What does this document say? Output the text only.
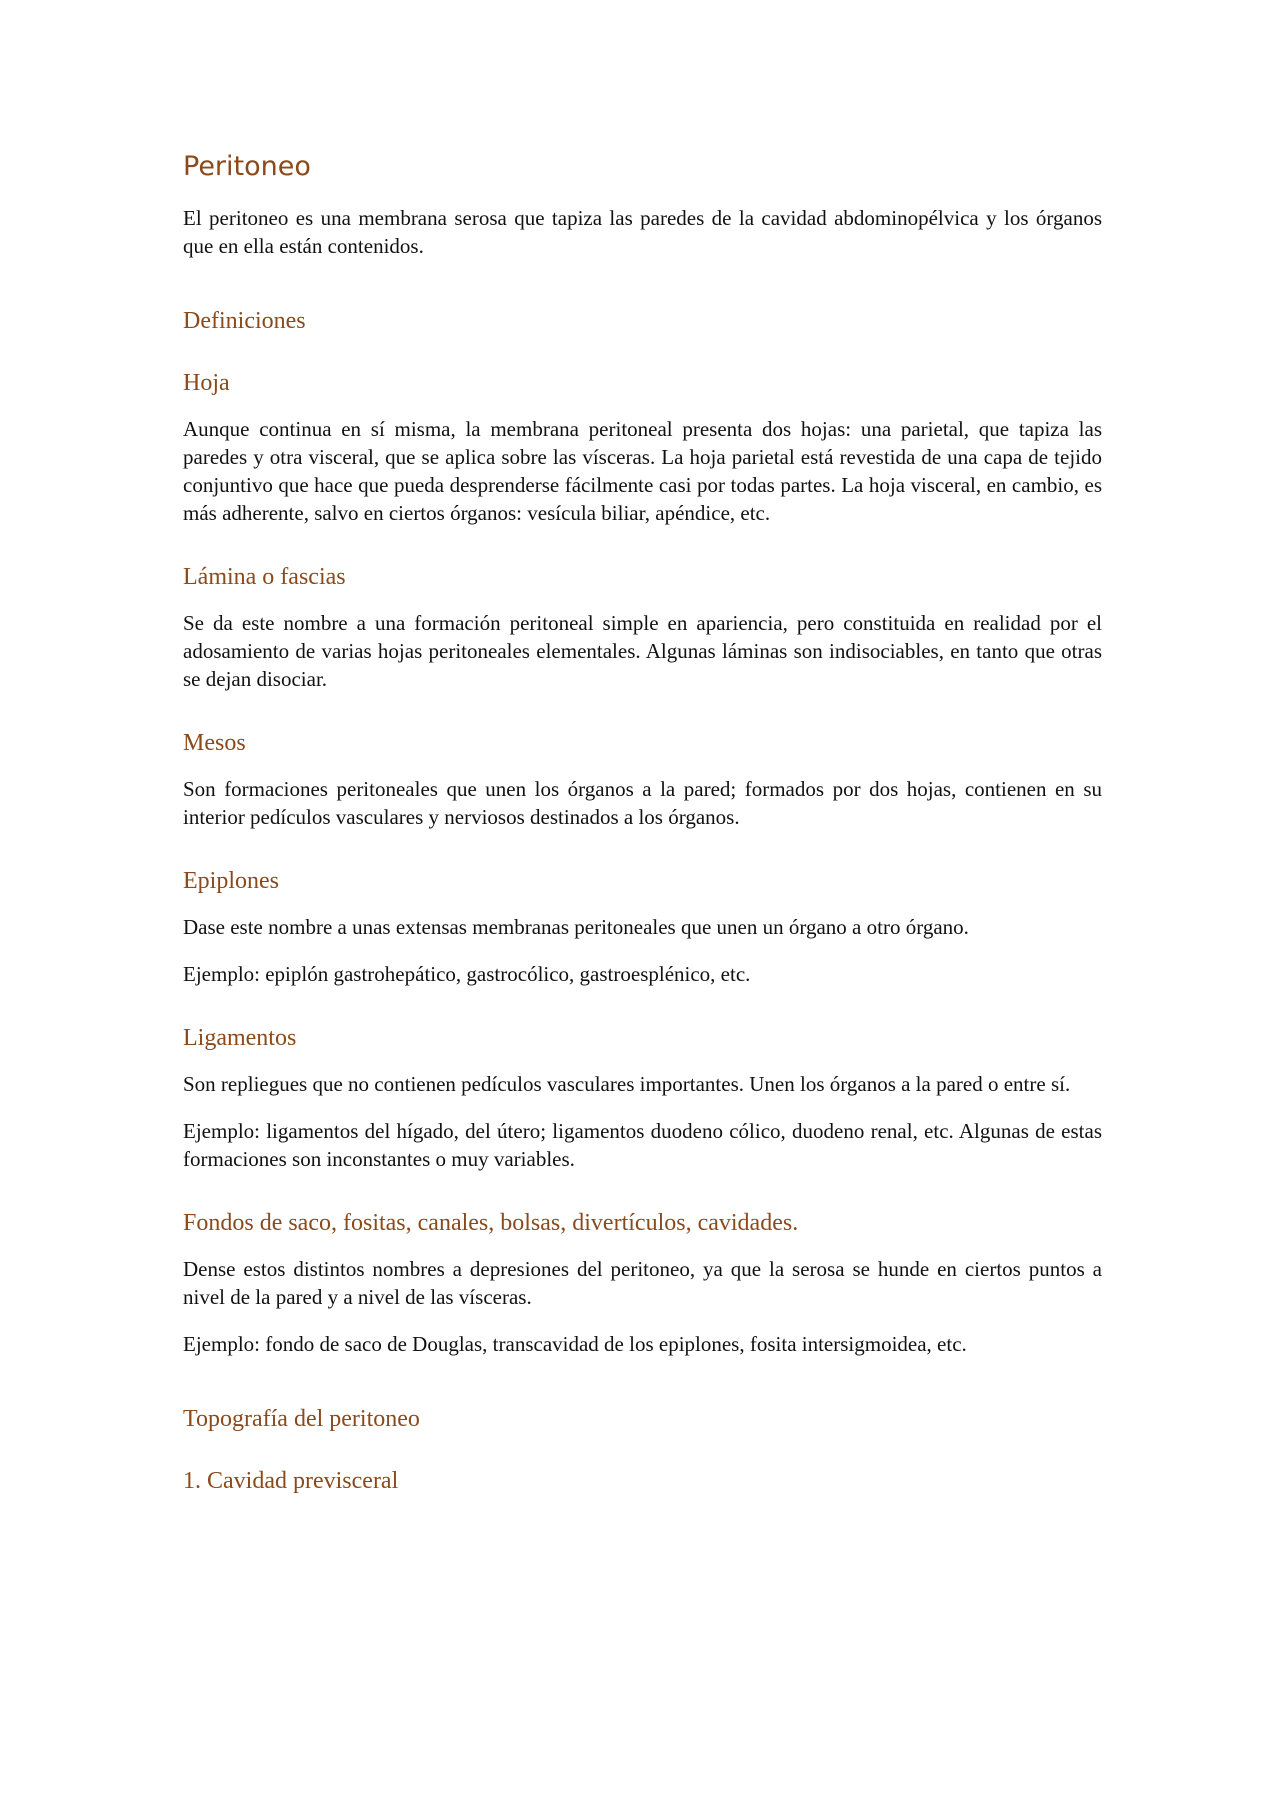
Peritoneo

El peritoneo es una membrana serosa que tapiza las paredes de la cavidad abdominopélvica y los órganos que en ella están contenidos.

Definiciones
Hoja

Aunque continua en sí misma, la membrana peritoneal presenta dos hojas: una parietal, que tapiza las paredes y otra visceral, que se aplica sobre las vísceras. La hoja parietal está revestida de una capa de tejido conjuntivo que hace que pueda desprenderse fácilmente casi por todas partes. La hoja visceral, en cambio, es más adherente, salvo en ciertos órganos: vesícula biliar, apéndice, etc.

Lámina o fascias

Se da este nombre a una formación peritoneal simple en apariencia, pero constituida en realidad por el adosamiento de varias hojas peritoneales elementales. Algunas láminas son indisociables, en tanto que otras se dejan disociar.

Mesos

Son formaciones peritoneales que unen los órganos a la pared; formados por dos hojas, contienen en su interior pedículos vasculares y nerviosos destinados a los órganos.

Epiplones

Dase este nombre a unas extensas membranas peritoneales que unen un órgano a otro órgano.

Ejemplo: epiplón gastrohepático, gastrocólico, gastroesplénico, etc.

Ligamentos

Son repliegues que no contienen pedículos vasculares importantes. Unen los órganos a la pared o entre sí.

Ejemplo: ligamentos del hígado, del útero; ligamentos duodeno cólico, duodeno renal, etc. Algunas de estas formaciones son inconstantes o muy variables.

Fondos de saco, fositas, canales, bolsas, divertículos, cavidades.

Dense estos distintos nombres a depresiones del peritoneo, ya que la serosa se hunde en ciertos puntos a nivel de la pared y a nivel de las vísceras.

Ejemplo: fondo de saco de Douglas, transcavidad de los epiplones, fosita intersigmoidea, etc.

Topografía del peritoneo
1. Cavidad previsceral
